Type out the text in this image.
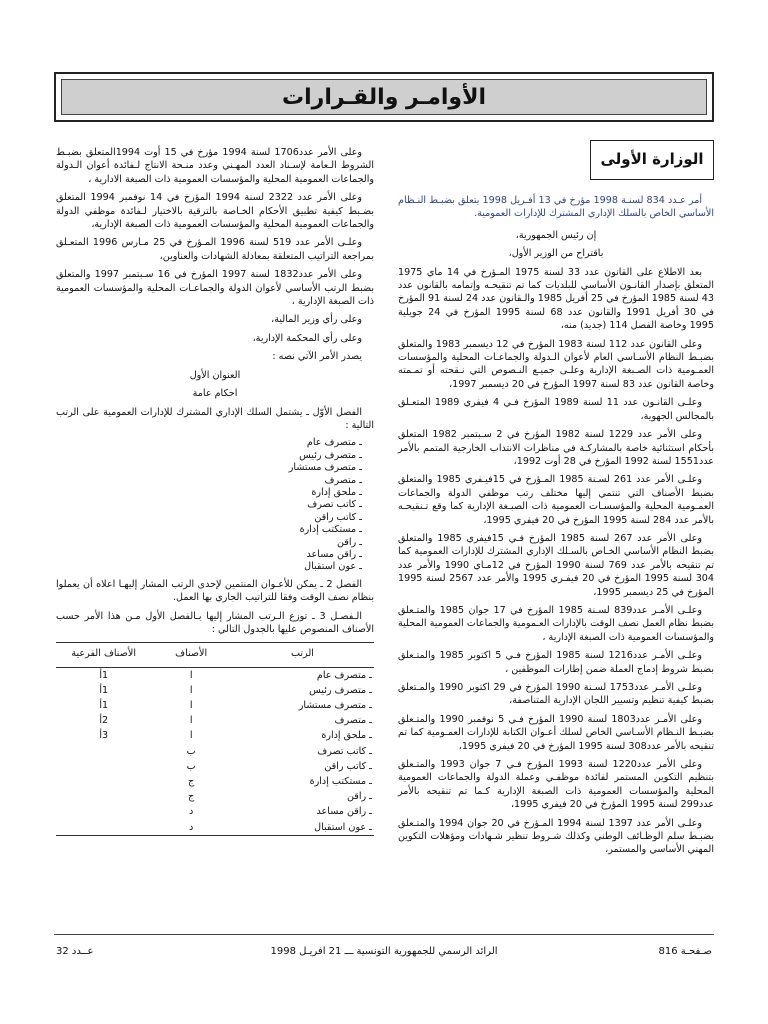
الأوامـر والقـرارات
الوزارة الأولى

أمر عـدد 834 لسنـة 1998 مؤرخ في 13 أفـريل 1998 يتعلق بضبـط النـظام الأساسي الخاص بالسلك الإداري المشترك للإدارات العمومية.

إن رئيس الجمهورية،

باقتراح من الوزير الأول،

بعد الاطلاع على القانون عدد 33 لسنة 1975 المـؤرخ في 14 ماي 1975 المتعلق بإصدار القانـون الأساسي للبلديات كما تم تنقيحـه وإتمامه بالقانون عدد 43 لسنة 1985 المؤرخ في 25 أفريل 1985 والـقانون عدد 24 لسنة 91 المؤرخ في 30 أفريل 1991 والقانون عدد 68 لسنة 1995 المؤرخ في 24 جويلية 1995 وخاصة الفصل 114 (جديد) منه،

وعلى القانون عدد 112 لسنة 1983 المؤرخ في 12 ديسمبر 1983 والمتعلق بضبـط النظام الأسـاسي العام لأعوان الـدولة والجماعـات المحلية والمؤسسات العمـومية ذات الصـبغة الإدارية وعلـى جميـع النـصوص التي نـقحته أو تمـمته وخاصة القانون عدد 83 لسنة 1997 المؤرخ في 20 ديسمبر 1997،

وعلـى القانـون عدد 11 لسنة 1989 المؤرخ فـي 4 فيفري 1989 المتعـلق بالمجالس الجهوية،

وعلى الأمر عدد 1229 لسنة 1982 المؤرخ في 2 سـبتمبر 1982 المتعلق بأحكام استثنائية خاصة بالمشاركـة في مناظرات الانتداب الخارجية المتمم بالأمر عدد1551 لسنة 1992 المؤرخ في 28 أوت 1992،

وعلـى الأمر عدد 261 لسـنة 1985 المـؤرخ في 15فيـفري 1985 والمتعلق بضبط الأصناف التي تنتمي إليها مختلف رتب موظفي الدولة والجماعات العمـومية المحلية والمؤسسـات العمومية ذات الصبـغة الإدارية كما وقع تـنقيحـه بالأمر عدد 284 لسنة 1995 المؤرخ في 20 فيفري 1995،

وعلى الأمر عدد 267 لسنة 1985 المؤرخ فـي 15فيفري 1985 والمتعلق بضبط النظام الأساسي الخـاص بالسـلك الإداري المشترك للإدارات العمومية كما تم تنقيحه بالأمر عدد 769 لسنة 1990 المؤرخ في 12مـاي 1990 والأمر عدد 304 لسنة 1995 المؤرخ في 20 فيفـري 1995 والأمر عدد 2567 لسنة 1995 المؤرخ في 25 ديسمبر 1995،

وعلـى الأمـر عدد839 لسـنة 1985 المؤرخ في 17 جوان 1985 والمتـعلق بضبط نظام العمل نصف الوقت بالإدارات العـمومية والجماعات العمومية المحلية والمؤسسات العمومية ذات الصبغة الإدارية ،

وعلـى الأمـر عدد1216 لسنة 1985 المؤرخ فـي 5 اكتوبر 1985 والمتـعلق بضبط شروط إدماج العملة ضمن إطارات الموظفين ،

وعلـى الأمـر عدد1753 لسـنة 1990 المؤرخ في 29 اكتوبر 1990 والمـتعلق بضبط كيفية تنظيم وتسيير اللجان الإدارية المتناصفة،

وعلى الأمـر عدد1803 لسنة 1990 المؤرخ فـي 5 نوفمبر 1990 والمتـعلق بضبـط النـظام الأسـاسي الخاص لسلك أعـوان الكتابة للإدارات العمـومية كما تم تنقيحه بالأمر عدد308 لسنة 1995 المؤرخ في 20 فيفري 1995،

وعلى الأمر عدد1220 لسنة 1993 المؤرخ فـي 7 جوان 1993 والمتـعلق بتنظيم التكوين المستمر لفائدة موظفـي وعملة الدولة والجماعات العمومية المحلية والمؤسسات العمومية ذات الصبغة الإدارية كـما تم تنقيحه بالأمر عدد299 لسنة 1995 المؤرخ في 20 فيفري 1995،

وعلـى الأمر عدد 1397 لسنة 1994 المـؤرخ في 20 جوان 1994 والمتـعلق بضبـط سلم الوظـائف الوطني وكذلك شـروط تنظير شـهادات ومؤهلات التكوين المهني الأساسي والمستمر،

وعلى الأمر عدد1706 لسنة 1994 مؤرخ في 15 أوت 1994المتعلق بضبـط الشروط الـعامة لإسـناد العدد المهـني وعدد منـحة الانتاج لـفائدة أعوان الـدولة والجماعات العمومية المحلية والمؤسسات العمومية ذات الصبغة الادارية ،

وعلى الأمر عدد 2322 لسنة 1994 المؤرخ في 14 نوفمبر 1994 المتعلق بضـبط كيفية تطبيق الأحكام الخـاصة بالترقية بالاختيار لـفائدة موظفي الدولة والجماعات العمومية المحلية والمؤسسات العمومية ذات الصبغة الإدارية،

وعلـى الأمر عدد 519 لسنة 1996 المـؤرخ في 25 مـارس 1996 المتعـلق بمراجعة التراتيب المتعلقة بمعادلة الشهادات والعناوين،

وعلى الأمر عدد1832 لسنة 1997 المؤرخ في 16 سـبتمبر 1997 والمتعلق بضبط الرتب الأساسي لأعوان الدولة والجماعـات المحلية والمؤسسات العمومية ذات الصبغة الإدارية ،

وعلى رأي وزير المالية،

وعلى رأي المحكمة الإدارية،

يصدر الأمر الآتي نصه :

العنوان الأول

احكام عامة

الفصل الأوّل ـ يشتمل السلك الإداري المشترك للإدارات العمومية على الرتب التالية :

ـ متصرف عام
ـ متصرف رئيس
ـ متصرف مستشار
ـ متصرف
ـ ملحق إدارة
ـ كاتب تصرف
ـ كاتب راقن
ـ مستكتب إدارة
ـ راقن
ـ راقن مساعد
ـ عون استقبال

الفصل 2 ـ يمكن للأعـوان المنتمين لإحدى الرتب المشار إليهـا اعلاه أن يعملوا بنظام نصف الوقت وفقا للتراتيب الجاري بها العمل.

الـفصـل 3 ـ توزع الـرتب المشار إليها بـالفصل الأول مـن هذا الأمر حسب الأصناف المنصوص عليها بالجدول التالي :

الرتب	الأصناف	الأصناف الفرعية
ـ متصرف عام	ا	1أ
ـ متصرف رئيس	ا	1أ
ـ متصرف مستشار	ا	1أ
ـ متصرف	ا	2أ
ـ ملحق إدارة	ا	3أ
ـ كاتب تصرف	ب	
ـ كاتب راقن	ب	
ـ مستكتب إدارة	ج	
ـ راقن	ج	
ـ راقن مساعد	د	
ـ عون استقبال	د	
صـفحـة 816
الرائد الرسمي للجمهورية التونسية ـــ 21 افريـل 1998
عــدد 32
